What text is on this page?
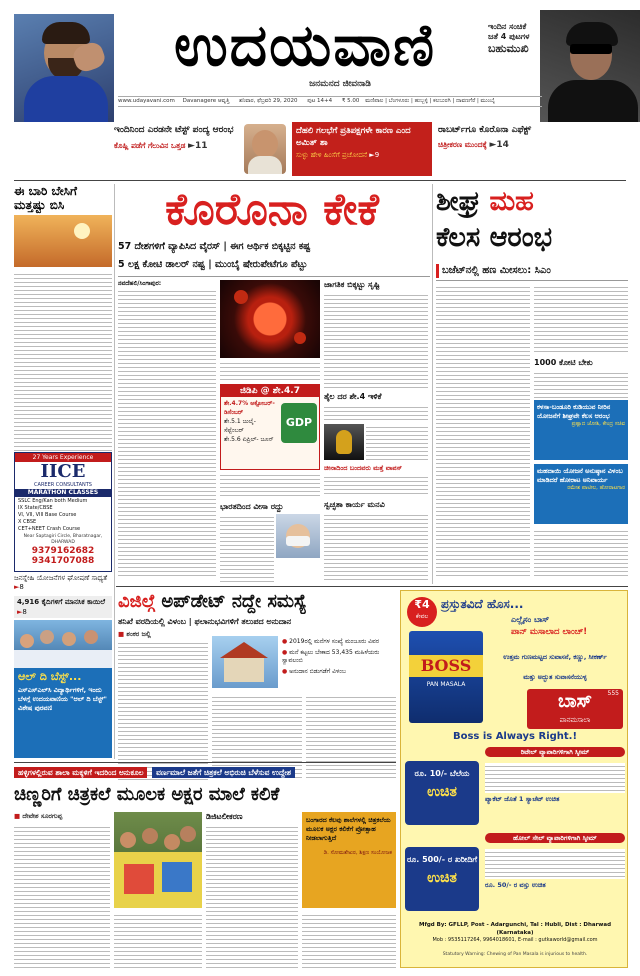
ಉದಯವಾಣಿ
ಜನಮನದ ಜೀವನಾಡಿ
ಇಂದಿನ ಸಂಚಿಕೆ
ಜತೆ 4 ಪುಟಗಳ
ಬಹುಮುಖಿ
www.udayavani.com Davanagere ಆವೃತ್ತಿ ಶನಿವಾರ, ಫೆಬ್ರವರಿ 29, 2020 ಪುಟ 14+4 ₹ 5.00 ಮಣಿಪಾಲ | ಬೆಂಗಳೂರು | ಹುಬ್ಬಳ್ಳಿ | ಕಲಬುರಗಿ | ದಾವಣಗೆರೆ | ಮುಂಬೈ
ಇಂದಿನಿಂದ ಎರಡನೇ ಟೆಸ್ಟ್ ಪಂದ್ಯ ಆರಂಭ
ಕೊಹ್ಲಿ ಪಡೆಗೆ ಗೆಲುವಿನ ಒತ್ತಡ ►11
ದೆಹಲಿ ಗಲಭೆಗೆ ಪ್ರತಿಪಕ್ಷಗಳೇ ಕಾರಣ ಎಂದ ಅಮಿತ್ ಶಾ
ಸುಳ್ಳು ಹೇಳಿ ಹಿಂಸೆಗೆ ಪ್ರಚೋದನೆ ►9
ರಾಬರ್ಟ್‌ಗೂ ಕೊರೊನಾ ಎಫೆಕ್ಟ್
ಚಿತ್ರೀಕರಣ ಮುಂದಕ್ಕೆ ►14
ಈ ಬಾರಿ ಬೇಸಿಗೆ ಮತ್ತಷ್ಟು ಬಿಸಿ
27 Years Experience
IICE
CAREER CONSULTANTS
MARATHON CLASSES
SSLC Eng/Kan both Medium
IX State/CBSE
VI, VII, VIII Base Course
X CBSE
CET+NEET Crash Course
Near Saptagiri Circle, Bharatnagar, DHARWAD
9379162682
9341707088
ಜನಸ್ನೇಹಿ ಯೋಜನೆಗಳ ಘೋಷಣೆ ಸಾಧ್ಯತೆ ►8
4,916 ಕೈದಿಗಳಿಗೆ ಮಾನಸಿಕ ಕಾಯಿಲೆ ►8
ಆಲ್ ದಿ ಬೆಸ್ಟ್...
ಎಸ್‌ಎಸ್‌ಎಲ್‌ಸಿ ವಿದ್ಯಾರ್ಥಿಗಳಿಗೆ, ಇಂದು ಬೆಳಗ್ಗೆ ಉದಯವಾಣಿಯ "ಆಲ್ ದಿ ಬೆಸ್ಟ್" ವಿಶೇಷ ಪುರವಣಿ
ಕೊರೊನಾ ಕೇಕೆ
57 ದೇಶಗಳಿಗೆ ವ್ಯಾಪಿಸಿದ ವೈರಸ್ | ಈಗ ಆರ್ಥಿಕ ಬಿಕ್ಕಟ್ಟಿನ ಕಷ್ಟ
5 ಲಕ್ಷ ಕೋಟಿ ಡಾಲರ್ ನಷ್ಟ | ಮುಂಬೈ ಷೇರುಪೇಟೆಗೂ ಪೆಟ್ಟು
ನವದೆಹಲಿ/ಸಿಂಗಾಪುರ:
ಜಿಡಿಪಿ @ ಶೇ.4.7
ಶೇ.4.7% ಅಕ್ಟೋಬರ್- ಡಿಸೆಂಬರ್
ಶೇ.5.1 ಜುಲೈ- ಸೆಪ್ಟೆಂಬರ್
ಶೇ.5.6 ಏಪ್ರಿಲ್- ಜೂನ್
GDP
ಭಾರತದಿಂದ ವೀಸಾ ರದ್ದು
ಜಾಗತಿಕ ಬಿಕ್ಕಟ್ಟು ಸೃಷ್ಟಿ
ತೈಲ ದರ ಶೇ.4 ಇಳಿಕೆ
ಚೀನಾದಿಂದ ಬಂದವರು ಮತ್ತೆ ವಾಪಸ್
ಸ್ವಚ್ಛತಾ ಕಾರ್ಯ ಮನವಿ
ಶೀಘ್ರ ಮಹ
ಕೆಲಸ ಆರಂಭ
ಬಜೆಟ್‌ನಲ್ಲಿ ಹಣ ಮೀಸಲು: ಸಿಎಂ
1000 ಕೋಟಿ ಬೇಕು
ಕಳಸಾ-ಬಂಡೂರಿ ಕುಡಿಯುವ ನೀರಿನ ಯೋಜನೆಗೆ ಶೀಘ್ರವೇ ಕೆಲಸ ಆರಂಭ
ಪ್ರಹ್ಲಾದ ಜೋಶಿ, ಕೇಂದ್ರ ಸಚಿವ
ಮಹದಾಯಿ ಯೋಜನೆ ಅನುಷ್ಠಾನ ವಿಳಂಬ ಮಾಡಿದರೆ ಹೋರಾಟ ಅನಿವಾರ್ಯ
ರಮೇಶ ಪಾಟೀಲ, ಹೋರಾಟಗಾರ
ವಿಜಿಲ್ಗೆ ಅಪ್‌ಡೇಟ್ ನದ್ದೇ ಸಮಸ್ಯೆ
ತನಿಖೆ ವರದಿಯಲ್ಲಿ ವಿಳಂಬ | ಫಲಾನುಭವಿಗಳಿಗೆ ತಲುಪದ ಅನುದಾನ
■ ಶಂಕರ ಜಲ್ಲಿ
● 2019ರಲ್ಲಿ ಮನೆಗಳ ಸಂಖ್ಯೆ ಮಂಜೂರು ವಿವರ
● ಮನೆ ಕಟ್ಟಲು ಬೇಕಾದ 53,435 ಮಹಿಳೆಯರು ಸ್ವಾವಲಂಬಿ
● ಅನುದಾನ ಬಿಡುಗಡೆಗೆ ವಿಳಂಬ
₹4
ಕೇವಲ
ಪ್ರಸ್ತುತವಿದೆ ಹೊಸ...
ಎಲ್ಲೈಸಂ ಬಾಸ್
ಪಾನ್ ಮಸಾಲಾದ ಲಾಂಚ್!
BOSS
PAN MASALA
ಉತ್ತಮ ಗುಣಮಟ್ಟದ ಸುವಾಸನೆ, ಕಣ್ಣು, ಸೀಕರ್ಣ್
ಮತ್ತು ಅದ್ಭುತ ಸುವಾಸನೆಯುಳ್ಳ
555
ಬಾಸ್
ಪಾನಮಸಾಲಾ
Boss is Always Right.!
ರಿಟೇಲ್ ವ್ಯಾಪಾರಿಗಳಿಗಾಗಿ ಸ್ಕೀಮ್
ರೂ. 10/- ಬೆಲೆಯ
ಉಚಿತ	ಪ್ಯಾಕೆಟ್ ಜೊತೆ 1 ಸ್ಯಾಚೆಟ್ ಉಚಿತ
ಹೋಲ್ ಸೇಲ್ ವ್ಯಾಪಾರಿಗಳಿಗಾಗಿ ಸ್ಕೀಮ್
ರೂ. 500/- ರ ಖರೀದಿಗೆ
ಉಚಿತ	ರೂ. 50/- ರ ವಸ್ತು ಉಚಿತ
Mfgd By: GFLLP, Post - Adargunchi, Tal : Hubli, Dist : Dharwad (Karnataka)
Mob : 9535117264, 9964018601, E-mail : gutkaworld@gmail.com
Statutory Warning: Chewing of Pan Masala is injurious to health.
ಹಳ್ಳಿಗಳಲ್ಲಿರುವ ಶಾಲಾ ಮಕ್ಕಳಿಗೆ ಇದರಿಂದ ಅನುಕೂಲ ವರ್ಣಮಾಲೆ ಜತೆಗೆ ಚಿತ್ರಕಲೆ ಅಭಿರುಚಿ ಬೆಳೆಸುವ ಉದ್ದೇಶ
ಚಿಣ್ಣರಿಗೆ ಚಿತ್ರಕಲೆ ಮೂಲಕ ಅಕ್ಷರ ಮಾಲೆ ಕಲಿಕೆ
■ ದೇವೇಶ ಸೂರಗುಪ್ಪ	ಡಿಜಿಟಲೀಕರಣ	ಬಂಗಾರದ ಕೆಲವು ಶಾಲೆಗಳಲ್ಲಿ ಚಿತ್ರಕಲೆಯ ಮೂಲಕ ಅಕ್ಷರ ಕಲಿಕೆಗೆ ಪ್ರೋತ್ಸಾಹ ನೀಡಲಾಗುತ್ತಿದೆ
ಡಿ. ಸೋಮಶೇಖರ, ಶಿಕ್ಷಣ ಸಂಯೋಜಕ
